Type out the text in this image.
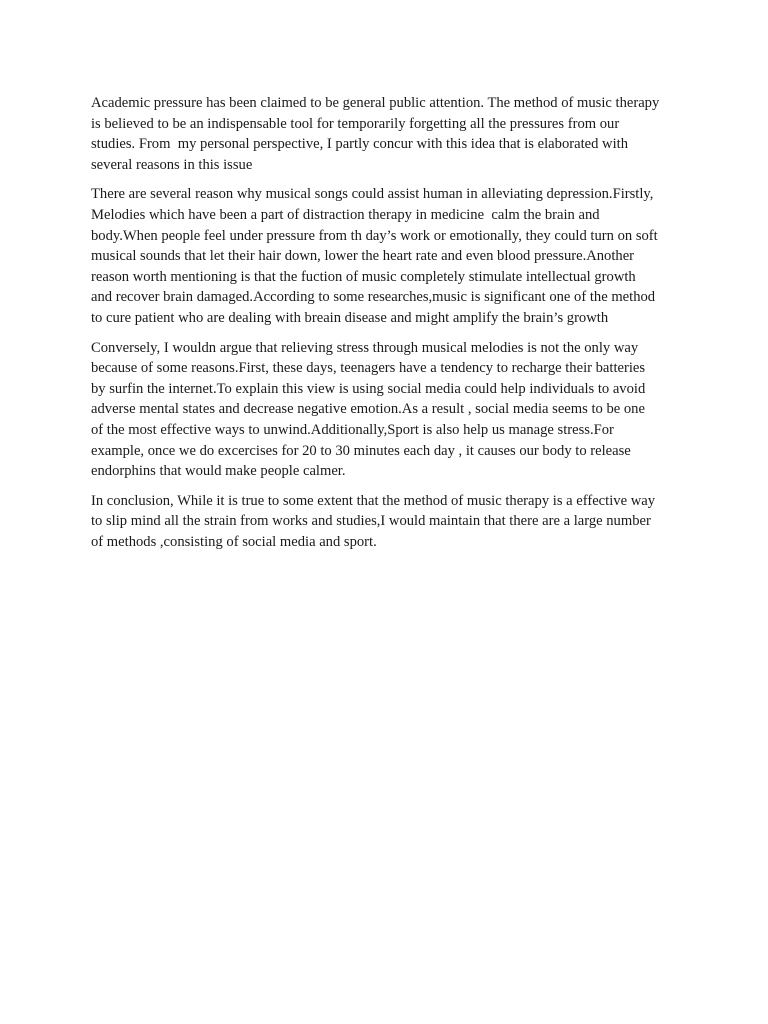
Academic pressure has been claimed to be general public attention. The method of music therapy
is believed to be an indispensable tool for temporarily forgetting all the pressures from our
studies. From  my personal perspective, I partly concur with this idea that is elaborated with
several reasons in this issue
There are several reason why musical songs could assist human in alleviating depression.Firstly,
Melodies which have been a part of distraction therapy in medicine  calm the brain and
body.When people feel under pressure from th day’s work or emotionally, they could turn on soft
musical sounds that let their hair down, lower the heart rate and even blood pressure.Another
reason worth mentioning is that the fuction of music completely stimulate intellectual growth
and recover brain damaged.According to some researches,music is significant one of the method
to cure patient who are dealing with breain disease and might amplify the brain’s growth
Conversely, I wouldn argue that relieving stress through musical melodies is not the only way
because of some reasons.First, these days, teenagers have a tendency to recharge their batteries
by surfin the internet.To explain this view is using social media could help individuals to avoid
adverse mental states and decrease negative emotion.As a result , social media seems to be one
of the most effective ways to unwind.Additionally,Sport is also help us manage stress.For
example, once we do excercises for 20 to 30 minutes each day , it causes our body to release
endorphins that would make people calmer.
In conclusion, While it is true to some extent that the method of music therapy is a effective way
to slip mind all the strain from works and studies,I would maintain that there are a large number
of methods ,consisting of social media and sport.
